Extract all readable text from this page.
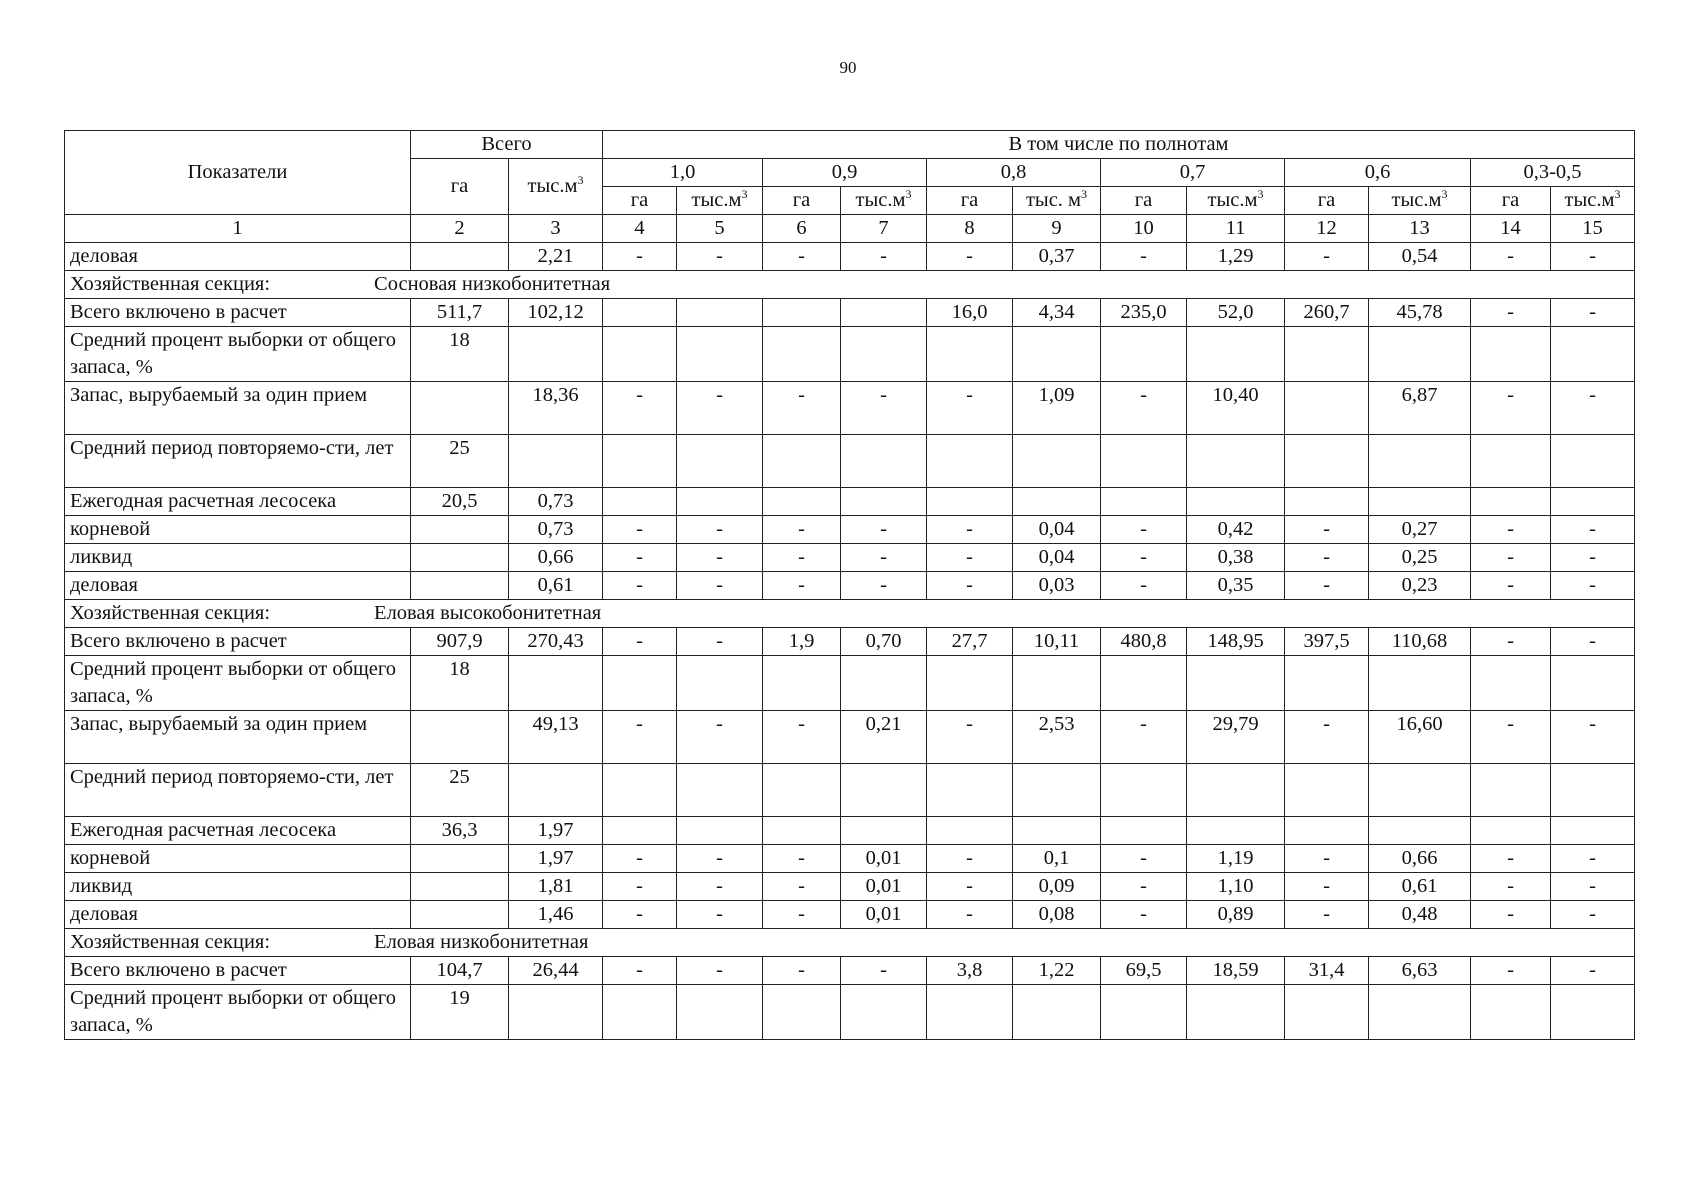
90
Показатели	Всего		В том числе по полнотам											
	га	$тыс.м^3$	1,0		0,9		0,8		0,7		0,6		0,3-0,5	
			га	$тыс.м^3$	га	$тыс.м^3$	га	тыс. $м^3$	га	$тыс.м^3$	га	$тыс.м^3$	га	$тыс.м^3$
1	2	3	4	5	6	7	8	9	10	11	12	13	14	15
деловая		2,21	-	-	-	-	-	0,37	-	1,29	-	0,54	-	-
Хозяйственная секция: Сосновая низкобонитетная														
Всего включено в расчет	511,7	102,12					16,0	4,34	235,0	52,0	260,7	45,78	-	-
Средний процент выборки от общего запаса, %	18													
Запас, вырубаемый за один прием		18,36	-	-	-	-	-	1,09	-	10,40		6,87	-	-
Средний период повторяемо-сти, лет	25													
Ежегодная расчетная лесосека	20,5	0,73												
корневой		0,73	-	-	-	-	-	0,04	-	0,42	-	0,27	-	-
ликвид		0,66	-	-	-	-	-	0,04	-	0,38	-	0,25	-	-
деловая		0,61	-	-	-	-	-	0,03	-	0,35	-	0,23	-	-
Хозяйственная секция: Еловая высокобонитетная														
Всего включено в расчет	907,9	270,43	-	-	1,9	0,70	27,7	10,11	480,8	148,95	397,5	110,68	-	-
Средний процент выборки от общего запаса, %	18													
Запас, вырубаемый за один прием		49,13	-	-	-	0,21	-	2,53	-	29,79	-	16,60	-	-
Средний период повторяемо-сти, лет	25													
Ежегодная расчетная лесосека	36,3	1,97												
корневой		1,97	-	-	-	0,01	-	0,1	-	1,19	-	0,66	-	-
ликвид		1,81	-	-	-	0,01	-	0,09	-	1,10	-	0,61	-	-
деловая		1,46	-	-	-	0,01	-	0,08	-	0,89	-	0,48	-	-
Хозяйственная секция: Еловая низкобонитетная														
Всего включено в расчет	104,7	26,44	-	-	-	-	3,8	1,22	69,5	18,59	31,4	6,63	-	-
Средний процент выборки от общего запаса, %	19													
